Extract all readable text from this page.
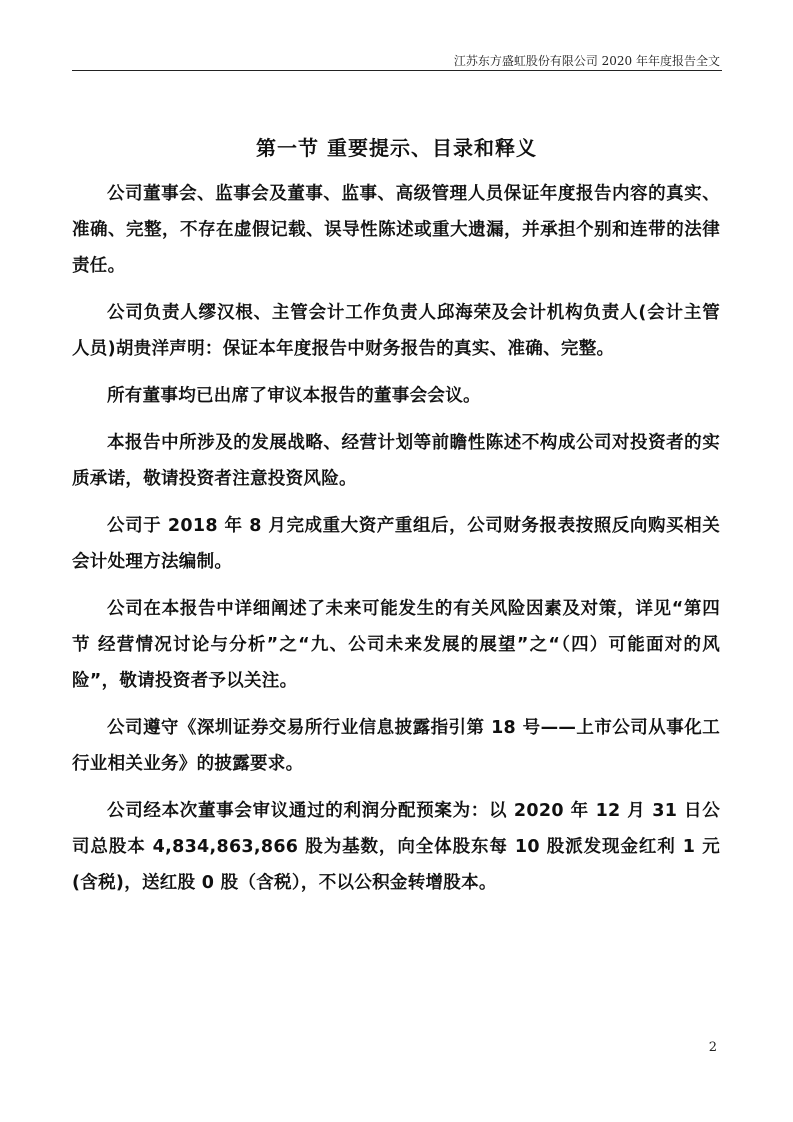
江苏东方盛虹股份有限公司 2020 年年度报告全文
第一节 重要提示、目录和释义

公司董事会、监事会及董事、监事、高级管理人员保证年度报告内容的真实、准确、完整，不存在虚假记载、误导性陈述或重大遗漏，并承担个别和连带的法律责任。

公司负责人缪汉根、主管会计工作负责人邱海荣及会计机构负责人(会计主管人员)胡贵洋声明：保证本年度报告中财务报告的真实、准确、完整。

所有董事均已出席了审议本报告的董事会会议。

本报告中所涉及的发展战略、经营计划等前瞻性陈述不构成公司对投资者的实质承诺，敬请投资者注意投资风险。

公司于 2018 年 8 月完成重大资产重组后，公司财务报表按照反向购买相关会计处理方法编制。

公司在本报告中详细阐述了未来可能发生的有关风险因素及对策，详见“第四节 经营情况讨论与分析”之“九、公司未来发展的展望”之“（四）可能面对的风险”，敬请投资者予以关注。

公司遵守《深圳证券交易所行业信息披露指引第 18 号——上市公司从事化工行业相关业务》的披露要求。

公司经本次董事会审议通过的利润分配预案为：以 2020 年 12 月 31 日公司总股本 4,834,863,866 股为基数，向全体股东每 10 股派发现金红利 1 元(含税)，送红股 0 股（含税），不以公积金转增股本。

2
